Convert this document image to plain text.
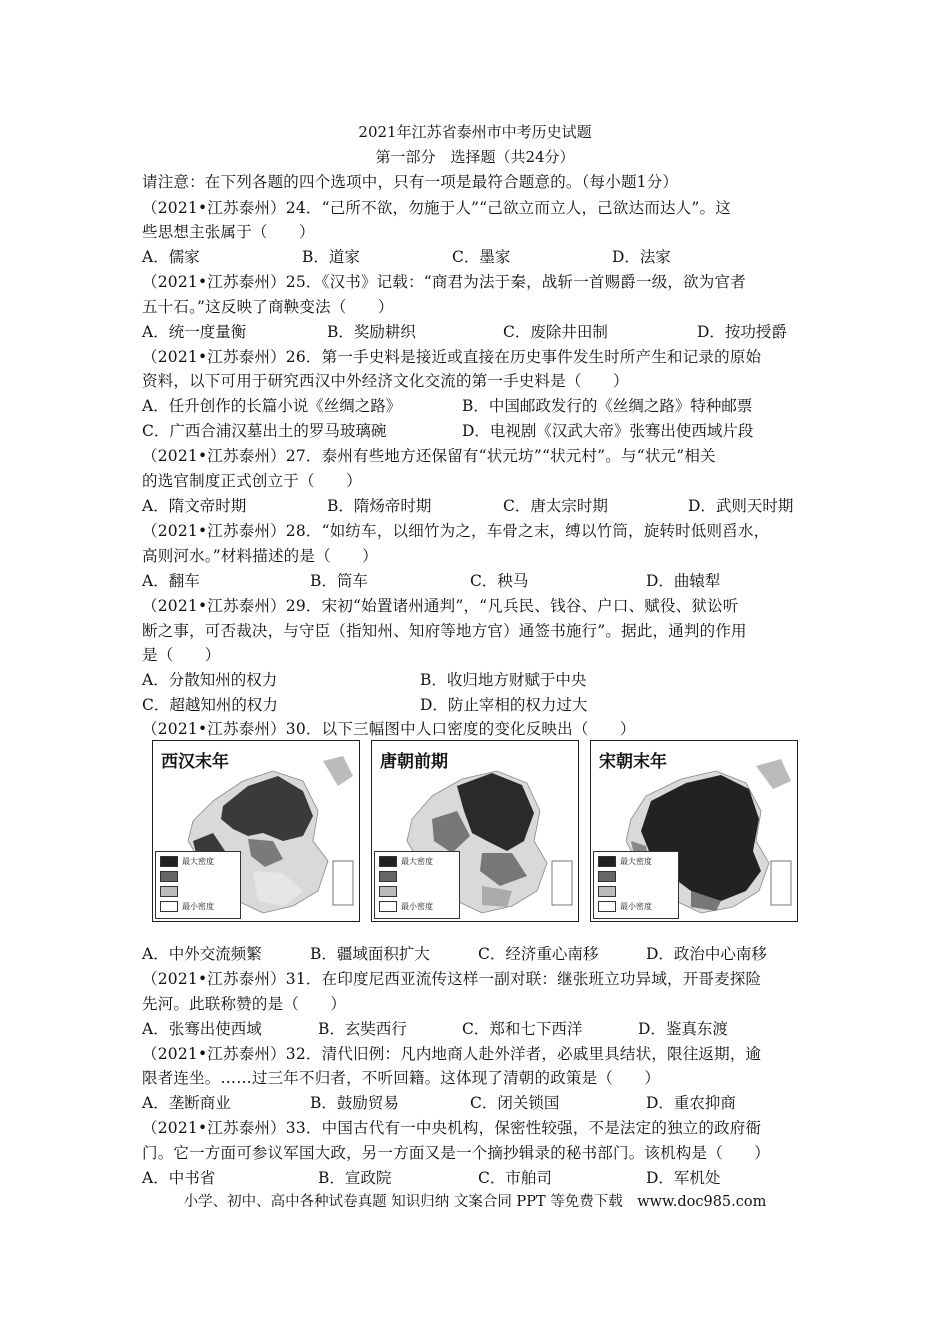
2021年江苏省泰州市中考历史试题
第一部分　选择题（共24分）
请注意：在下列各题的四个选项中，只有一项是最符合题意的。（每小题1分）
（2021•江苏泰州）24．“己所不欲，勿施于人”“己欲立而立人，己欲达而达人”。这
些思想主张属于（　　）
A．儒家	B．道家	C．墨家	D．法家
（2021•江苏泰州）25．《汉书》记载：“商君为法于秦，战斩一首赐爵一级，欲为官者
五十石。”这反映了商鞅变法（　　）
A．统一度量衡	B．奖励耕织	C．废除井田制	D．按功授爵
（2021•江苏泰州）26．第一手史料是接近或直接在历史事件发生时所产生和记录的原始
资料，以下可用于研究西汉中外经济文化交流的第一手史料是（　　）
A．任升创作的长篇小说《丝绸之路》	B．中国邮政发行的《丝绸之路》特种邮票
C．广西合浦汉墓出土的罗马玻璃碗	D．电视剧《汉武大帝》张骞出使西域片段
（2021•江苏泰州）27．泰州有些地方还保留有“状元坊”“状元村”。与“状元”相关
的选官制度正式创立于（　　）
A．隋文帝时期	B．隋炀帝时期	C．唐太宗时期	D．武则天时期
（2021•江苏泰州）28．“如纺车，以细竹为之，车骨之末，缚以竹筒，旋转时低则舀水，
高则河水。”材料描述的是（　　）
A．翻车	B．筒车	C．秧马	D．曲辕犁
（2021•江苏泰州）29．宋初“始置诸州通判”，“凡兵民、钱谷、户口、赋役、狱讼听
断之事，可否裁决，与守臣（指知州、知府等地方官）通签书施行”。据此，通判的作用
是（　　）
A．分散知州的权力	B．收归地方财赋于中央
C．超越知州的权力	D．防止宰相的权力过大
（2021•江苏泰州）30．以下三幅图中人口密度的变化反映出（　　）
西汉末年
最大密度
最小密度
唐朝前期
最大密度
最小密度
宋朝末年
最大密度
最小密度
A．中外交流频繁	B．疆域面积扩大	C．经济重心南移	D．政治中心南移
（2021•江苏泰州）31．在印度尼西亚流传这样一副对联：继张班立功异域，开哥麦探险
先河。此联称赞的是（　　）
A．张骞出使西域	B．玄奘西行	C．郑和七下西洋	D．鉴真东渡
（2021•江苏泰州）32．清代旧例：凡内地商人赴外洋者，必戚里具结状，限往返期，逾
限者连坐。……过三年不归者，不听回籍。这体现了清朝的政策是（　　）
A．垄断商业	B．鼓励贸易	C．闭关锁国	D．重农抑商
（2021•江苏泰州）33．中国古代有一中央机构，保密性较强，不是法定的独立的政府衙
门。它一方面可参议军国大政，另一方面又是一个摘抄辑录的秘书部门。该机构是（　　）
A．中书省	B．宣政院	C．市舶司	D．军机处
小学、初中、高中各种试卷真题 知识归纳 文案合同 PPT 等免费下载　www.doc985.com
